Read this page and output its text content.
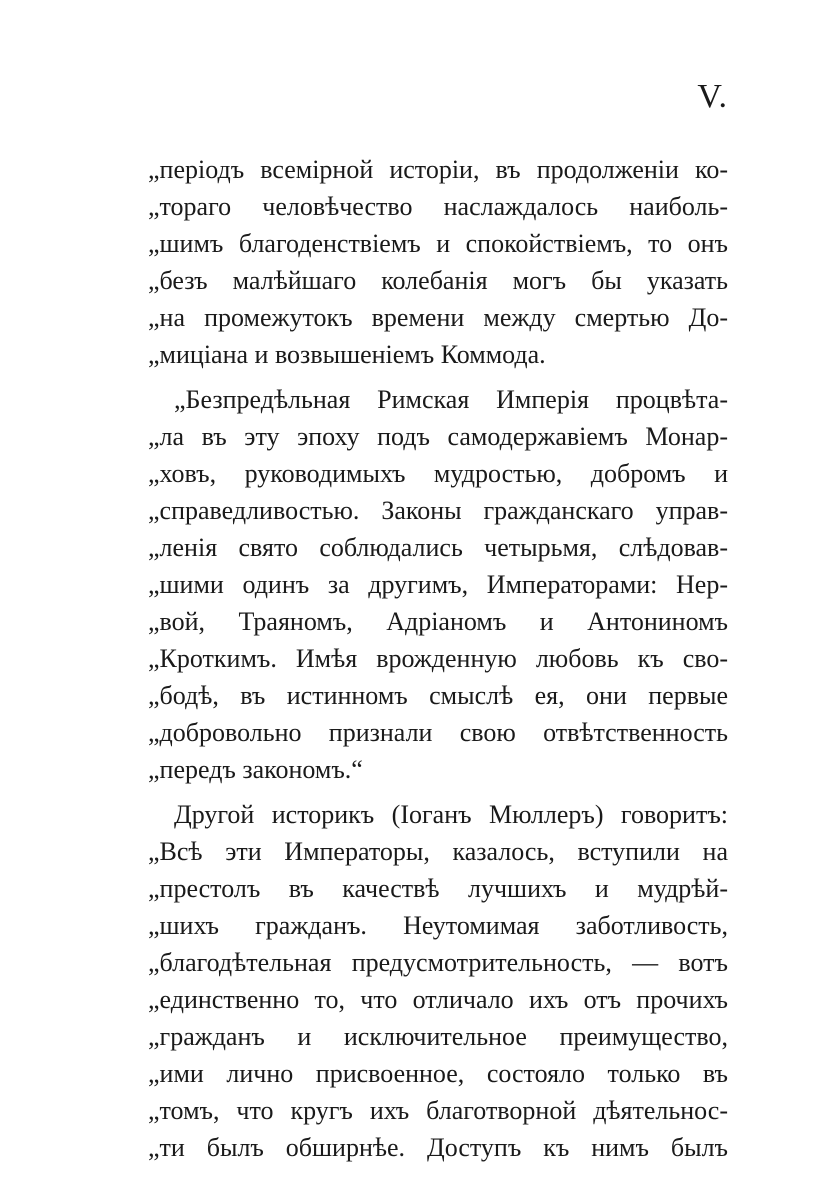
V.
„періодъ всемірной исторіи, въ продолженіи ко-
„тораго человѣчество наслаждалось наиболь-
„шимъ благоденствіемъ и спокойствіемъ, то онъ
„безъ малѣйшаго колебанія могъ бы указать
„на промежутокъ времени между смертью До-
„миціана и возвышеніемъ Коммода.
„Безпредѣльная Римская Имперія процвѣта-
„ла въ эту эпоху подъ самодержавіемъ Монар-
„ховъ, руководимыхъ мудростью, добромъ и
„справедливостью. Законы гражданскаго управ-
„ленія свято соблюдались четырьмя, слѣдовав-
„шими одинъ за другимъ, Императорами: Нер-
„вой, Траяномъ, Адріаномъ и Антониномъ
„Кроткимъ. Имѣя врожденную любовь къ сво-
„бодѣ, въ истинномъ смыслѣ ея, они первые
„добровольно признали свою отвѣтственность
„передъ закономъ.“
Другой историкъ (Іоганъ Мюллеръ) говоритъ:
„Всѣ эти Императоры, казалось, вступили на
„престолъ въ качествѣ лучшихъ и мудрѣй-
„шихъ гражданъ. Неутомимая заботливость,
„благодѣтельная предусмотрительность, — вотъ
„единственно то, что отличало ихъ отъ прочихъ
„гражданъ и исключительное преимущество,
„ими лично присвоенное, состояло только въ
„томъ, что кругъ ихъ благотворной дѣятельнос-
„ти былъ обширнѣе. Доступъ къ нимъ былъ
